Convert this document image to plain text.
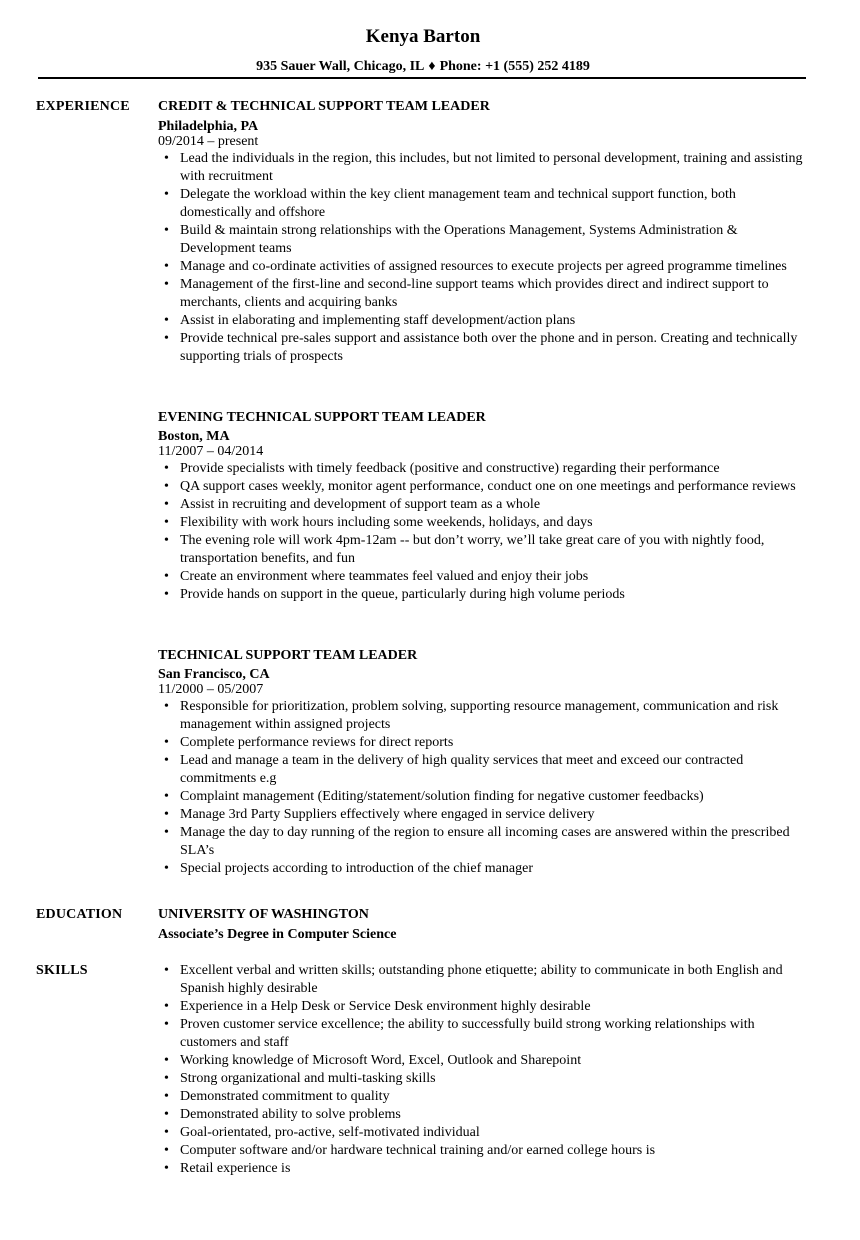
Kenya Barton
935 Sauer Wall, Chicago, IL ♦ Phone: +1 (555) 252 4189
EXPERIENCE CREDIT & TECHNICAL SUPPORT TEAM LEADER
Philadelphia, PA
09/2014 – present
• Lead the individuals in the region, this includes, but not limited to personal development, training and assisting with recruitment
• Delegate the workload within the key client management team and technical support function, both domestically and offshore
• Build & maintain strong relationships with the Operations Management, Systems Administration & Development teams
• Manage and co-ordinate activities of assigned resources to execute projects per agreed programme timelines
• Management of the first-line and second-line support teams which provides direct and indirect support to merchants, clients and acquiring banks
• Assist in elaborating and implementing staff development/action plans
• Provide technical pre-sales support and assistance both over the phone and in person. Creating and technically supporting trials of prospects
EVENING TECHNICAL SUPPORT TEAM LEADER
Boston, MA
11/2007 – 04/2014
• Provide specialists with timely feedback (positive and constructive) regarding their performance
• QA support cases weekly, monitor agent performance, conduct one on one meetings and performance reviews
• Assist in recruiting and development of support team as a whole
• Flexibility with work hours including some weekends, holidays, and days
• The evening role will work 4pm-12am -- but don’t worry, we’ll take great care of you with nightly food, transportation benefits, and fun
• Create an environment where teammates feel valued and enjoy their jobs
• Provide hands on support in the queue, particularly during high volume periods
TECHNICAL SUPPORT TEAM LEADER
San Francisco, CA
11/2000 – 05/2007
• Responsible for prioritization, problem solving, supporting resource management, communication and risk management within assigned projects
• Complete performance reviews for direct reports
• Lead and manage a team in the delivery of high quality services that meet and exceed our contracted commitments e.g
• Complaint management (Editing/statement/solution finding for negative customer feedbacks)
• Manage 3rd Party Suppliers effectively where engaged in service delivery
• Manage the day to day running of the region to ensure all incoming cases are answered within the prescribed SLA’s
• Special projects according to introduction of the chief manager
EDUCATION	UNIVERSITY OF WASHINGTON
Associate’s Degree in Computer Science
SKILLS	• Excellent verbal and written skills; outstanding phone etiquette; ability to communicate in both English and Spanish highly desirable
• Experience in a Help Desk or Service Desk environment highly desirable
• Proven customer service excellence; the ability to successfully build strong working relationships with customers and staff
• Working knowledge of Microsoft Word, Excel, Outlook and Sharepoint
• Strong organizational and multi-tasking skills
• Demonstrated commitment to quality
• Demonstrated ability to solve problems
• Goal-orientated, pro-active, self-motivated individual
• Computer software and/or hardware technical training and/or earned college hours is
• Retail experience is
